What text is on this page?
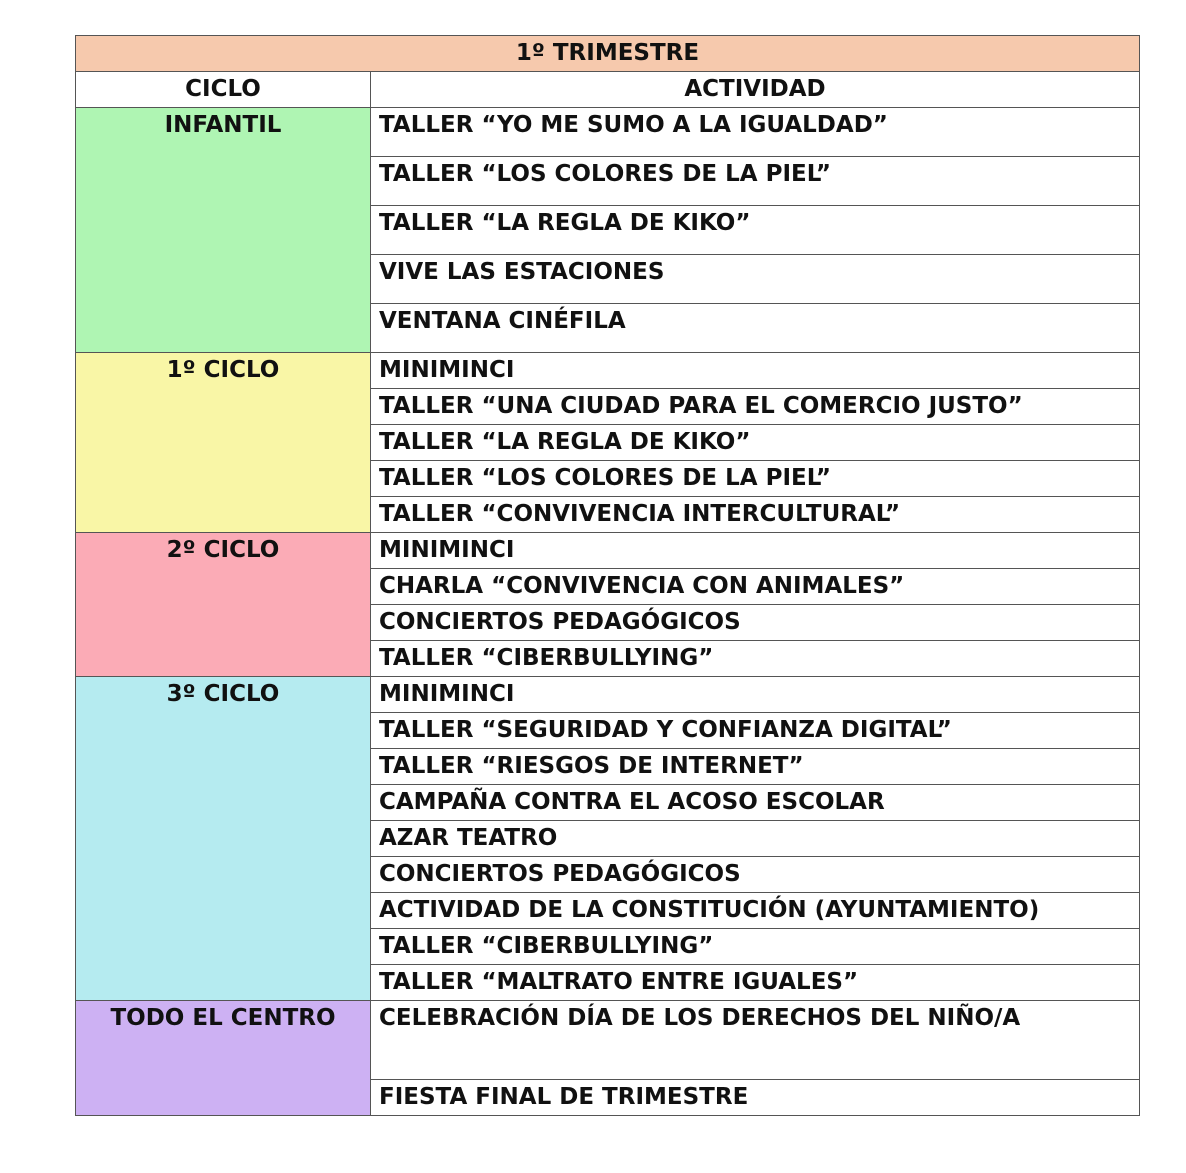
1º TRIMESTRE	
CICLO	ACTIVIDAD
INFANTIL	TALLER “YO ME SUMO A LA IGUALDAD”
	TALLER “LOS COLORES DE LA PIEL”
	TALLER “LA REGLA DE KIKO”
	VIVE LAS ESTACIONES
	VENTANA CINÉFILA
1º CICLO	MINIMINCI
	TALLER “UNA CIUDAD PARA EL COMERCIO JUSTO”
	TALLER “LA REGLA DE KIKO”
	TALLER “LOS COLORES DE LA PIEL”
	TALLER “CONVIVENCIA INTERCULTURAL”
2º CICLO	MINIMINCI
	CHARLA “CONVIVENCIA CON ANIMALES”
	CONCIERTOS PEDAGÓGICOS
	TALLER “CIBERBULLYING”
3º CICLO	MINIMINCI
	TALLER “SEGURIDAD Y CONFIANZA DIGITAL”
	TALLER “RIESGOS DE INTERNET”
	CAMPAÑA CONTRA EL ACOSO ESCOLAR
	AZAR TEATRO
	CONCIERTOS PEDAGÓGICOS
	ACTIVIDAD DE LA CONSTITUCIÓN (AYUNTAMIENTO)
	TALLER “CIBERBULLYING”
	TALLER “MALTRATO ENTRE IGUALES”
TODO EL CENTRO	CELEBRACIÓN DÍA DE LOS DERECHOS DEL NIÑO/A
	FIESTA FINAL DE TRIMESTRE
